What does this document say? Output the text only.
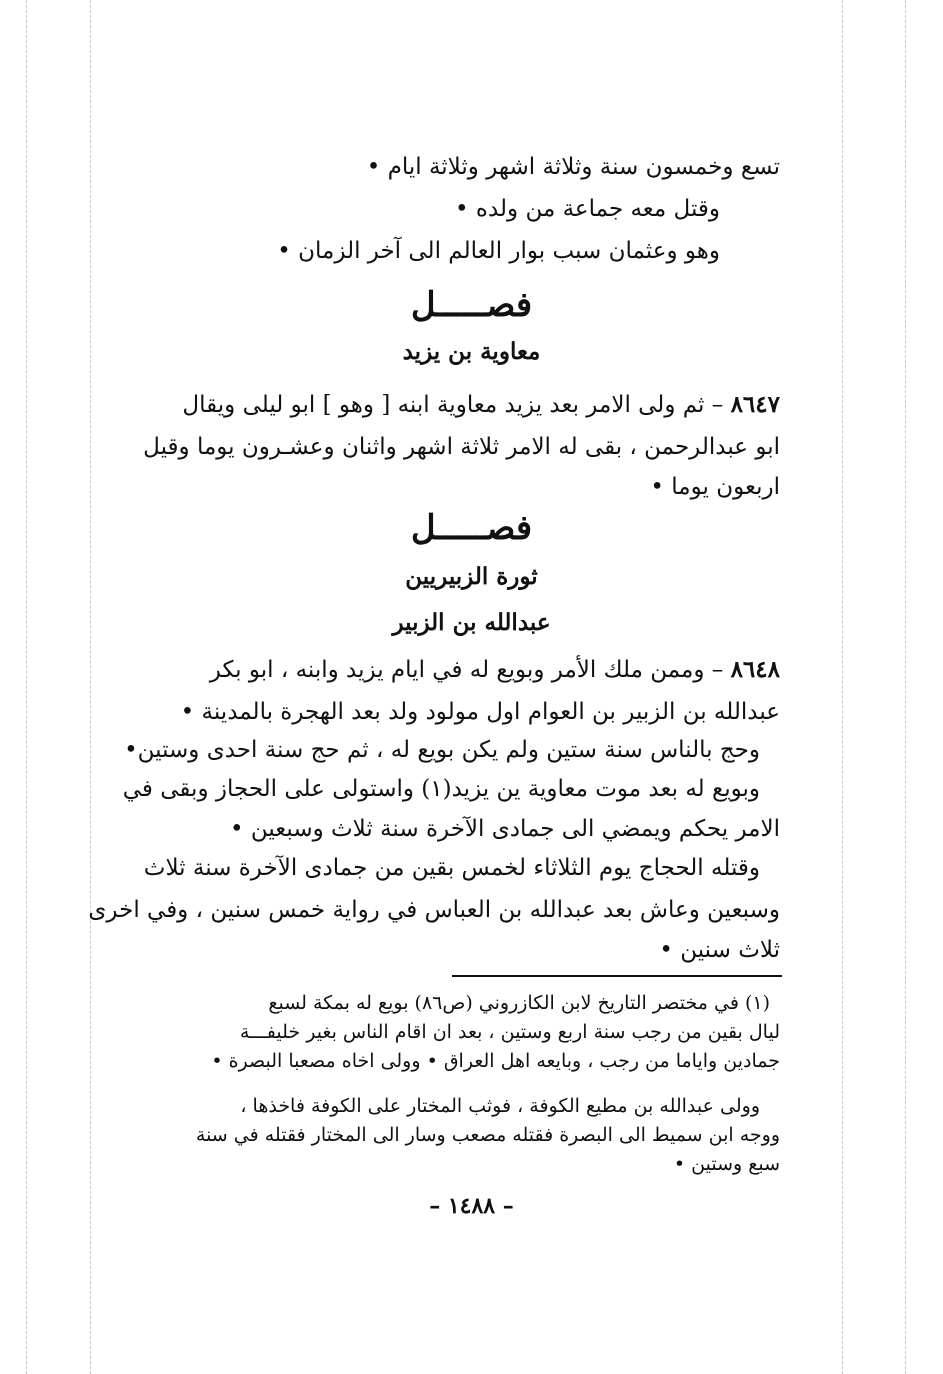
تسع وخمسون سنة وثلاثة اشهر وثلاثة ايام •
وقتل معه جماعة من ولده •
وهو وعثمان سبب بوار العالم الى آخر الزمان •
فصـــــل
معاوية بن يزيد
٨٦٤٧ – ثم ولى الامر بعد يزيد معاوية ابنه [ وهو ] ابو ليلى ويقال
ابو عبدالرحمن ، بقى له الامر ثلاثة اشهر واثنان وعشـرون يوما وقيل
اربعون يوما •
فصـــــل
ثورة الزبيريين
عبدالله بن الزبير
٨٦٤٨ – وممن ملك الأمر وبويع له في ايام يزيد وابنه ، ابو بكر
عبدالله بن الزبير بن العوام اول مولود ولد بعد الهجرة بالمدينة •
وحج بالناس سنة ستين ولم يكن بويع له ، ثم حج سنة احدى وستين•
وبويع له بعد موت معاوية ين يزيد(١) واستولى على الحجاز وبقى في
الامر يحكم ويمضي الى جمادى الآخرة سنة ثلاث وسبعين •
وقتله الحجاج يوم الثلاثاء لخمس بقين من جمادى الآخرة سنة ثلاث
وسبعين وعاش بعد عبدالله بن العباس في رواية خمس سنين ، وفي اخرى
ثلاث سنين •
(١) في مختصر التاريخ لابن الكازروني (ص٨٦) بويع له بمكة لسبع
ليال بقين من رجب سنة اربع وستين ، بعد ان اقام الناس بغير خليفـــة
جمادين واياما من رجب ، وبايعه اهل العراق • وولى اخاه مصعبا البصرة •
وولى عبدالله بن مطيع الكوفة ، فوثب المختار على الكوفة فاخذها ،
ووجه ابن سميط الى البصرة فقتله مصعب وسار الى المختار فقتله في سنة
سبع وستين •
– ١٤٨٨ –
